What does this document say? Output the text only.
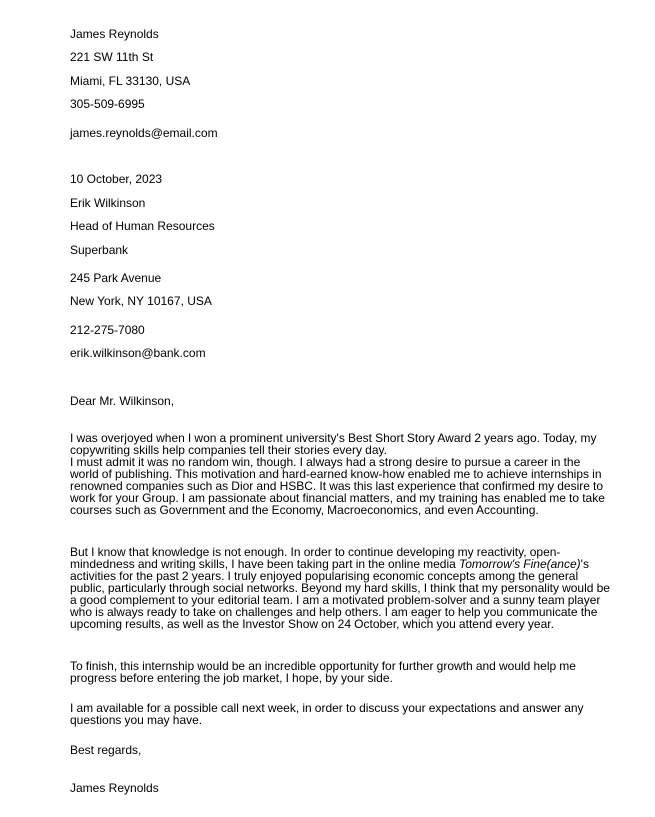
James Reynolds
221 SW 11th St
Miami, FL 33130, USA
305-509-6995
james.reynolds@email.com
10 October, 2023
Erik Wilkinson
Head of Human Resources
Superbank
245 Park Avenue
New York, NY 10167, USA
212-275-7080
erik.wilkinson@bank.com
Dear Mr. Wilkinson,
I was overjoyed when I won a prominent university's Best Short Story Award 2 years ago. Today, my
copywriting skills help companies tell their stories every day.
I must admit it was no random win, though. I always had a strong desire to pursue a career in the
world of publishing. This motivation and hard-earned know-how enabled me to achieve internships in
renowned companies such as Dior and HSBC. It was this last experience that confirmed my desire to
work for your Group. I am passionate about financial matters, and my training has enabled me to take
courses such as Government and the Economy, Macroeconomics, and even Accounting.
But I know that knowledge is not enough. In order to continue developing my reactivity, open-
mindedness and writing skills, I have been taking part in the online media Tomorrow's Fine(ance)'s
activities for the past 2 years. I truly enjoyed popularising economic concepts among the general
public, particularly through social networks. Beyond my hard skills, I think that my personality would be
a good complement to your editorial team. I am a motivated problem-solver and a sunny team player
who is always ready to take on challenges and help others. I am eager to help you communicate the
upcoming results, as well as the Investor Show on 24 October, which you attend every year.
To finish, this internship would be an incredible opportunity for further growth and would help me
progress before entering the job market, I hope, by your side.
I am available for a possible call next week, in order to discuss your expectations and answer any
questions you may have.
Best regards,
James Reynolds
